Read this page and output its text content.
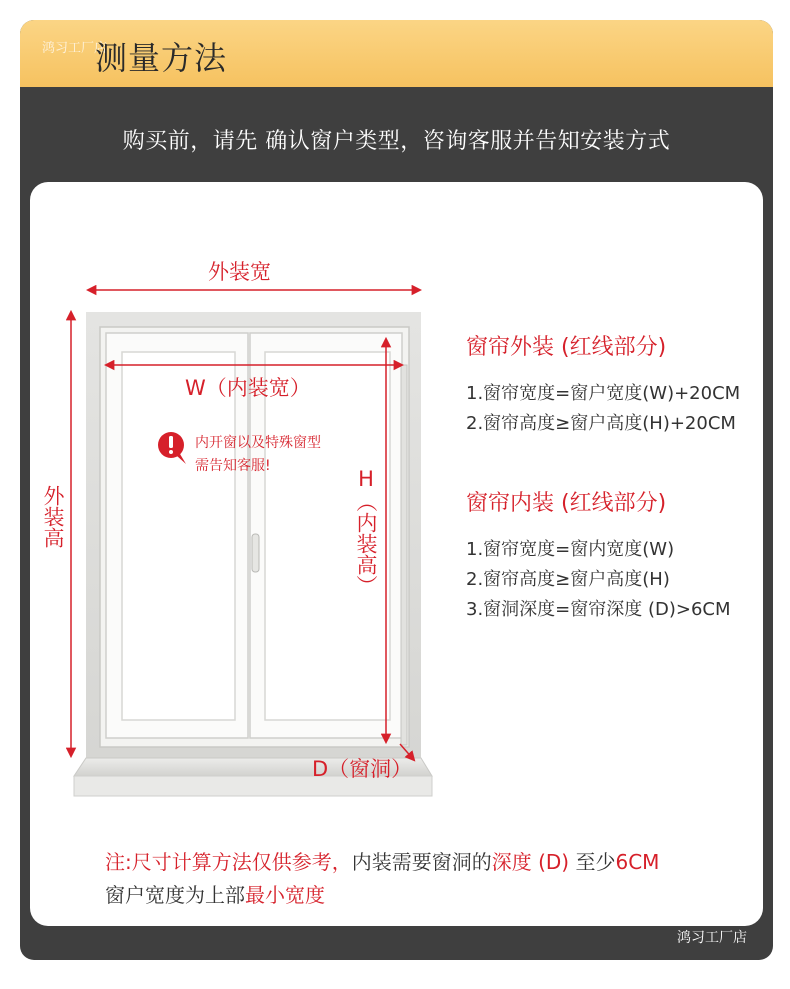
鸿习工厂店
测量方法
购买前，请先 确认窗户类型，咨询客服并告知安装方式
外装宽
W（内装宽）
外装高	H（内装高）
D（窗洞）
内开窗以及特殊窗型
需告知客服!
窗帘外装 (红线部分)
1.窗帘宽度=窗户宽度(W)+20CM
2.窗帘高度≥窗户高度(H)+20CM
窗帘内装 (红线部分)
1.窗帘宽度=窗内宽度(W)
2.窗帘高度≥窗户高度(H)
3.窗洞深度=窗帘深度 (D)>6CM
注:尺寸计算方法仅供参考，内装需要窗洞的深度 (D) 至少6CM
窗户宽度为上部最小宽度
鸿习工厂店
